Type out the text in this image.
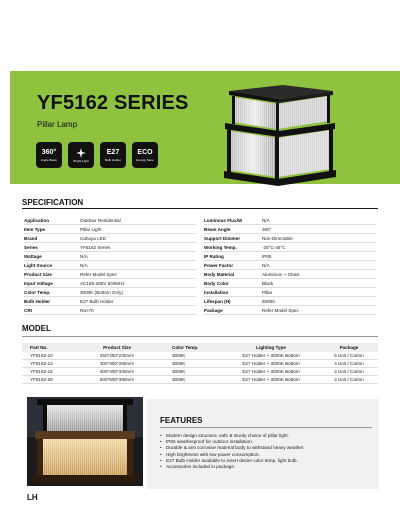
YF5162 SERIES
Pillar Lamp
360°
Angle Beam	Bright Light
E27
Bulb Holder
ECO
Energy Save
SPECIFICATION
Application	Outdoor Residential
Item Type	Pillar Light
Brand	Cahaya LED
Series	YF5162 Series
Wattage	N/A
Light Source	N/A
Product Size	Refer Model Spec
Input Voltage	AC185-265V 50/60Hz
Color Temp.	3000K (Bottom Only)
Bulb Holder	E27 Bulb Holder
CRI	Ra>70
Luminous Flux/W	N/A
Beam Angle	360°
Support Dimmer	Non-Dimmable
Working Temp.	-25°C-45°C
IP Rating	IP65
Power Factor	N/A
Body Material	Aluminum + Glass
Body Color	Black
Installation	Pillar
Lifespan (H)	50000
Package	Refer Model Spec
MODEL
Part No.	Product Size	Color Temp.	Lighting Type	Package
YF5162-10	250*250*230mm	3000K	E27 Holder + 3000K Bottom	6 Unit / Carton
YF5162-12	300*300*280mm	3000K	E27 Holder + 3000K Bottom	4 Unit / Carton
YF5162-16	400*400*330mm	3000K	E27 Holder + 3000K Bottom	2 Unit / Carton
YF5162-20	500*500*390mm	3000K	E27 Holder + 3000K Bottom	2 Unit / Carton
FEATURES
• Modern design structure, safe & sturdy choice of pillar light.
• IP65 weatherproof for outdoor installation.
• Durable & anti corrosive material body to withstand heavy weather.
• High brightness with low power consumption.
• E27 Bulb Holder available to insert desire color temp. light bulb.
• Accessories included in package.
LH
